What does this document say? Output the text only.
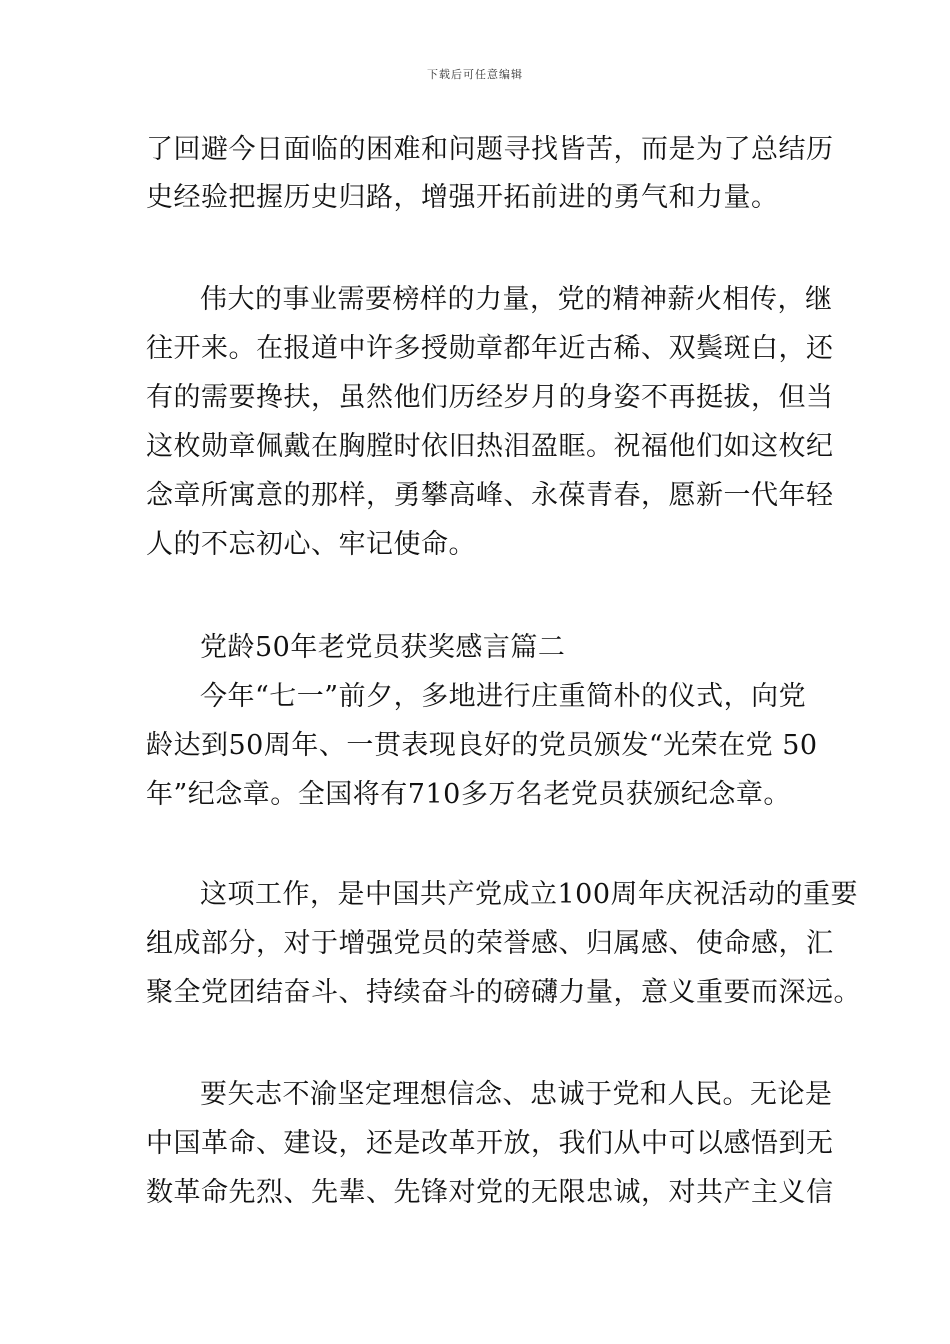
下载后可任意编辑
了回避今日面临的困难和问题寻找皆苦，而是为了总结历
史经验把握历史归路，增强开拓前进的勇气和力量。
伟大的事业需要榜样的力量，党的精神薪火相传，继
往开来。在报道中许多授勋章都年近古稀、双鬓斑白，还
有的需要搀扶，虽然他们历经岁月的身姿不再挺拔，但当
这枚勋章佩戴在胸膛时依旧热泪盈眶。祝福他们如这枚纪
念章所寓意的那样，勇攀高峰、永葆青春，愿新一代年轻
人的不忘初心、牢记使命。
党龄50年老党员获奖感言篇二
今年“七一”前夕，多地进行庄重简朴的仪式，向党
龄达到50周年、一贯表现良好的党员颁发“光荣在党 50
年”纪念章。全国将有710多万名老党员获颁纪念章。
这项工作，是中国共产党成立100周年庆祝活动的重要
组成部分，对于增强党员的荣誉感、归属感、使命感，汇
聚全党团结奋斗、持续奋斗的磅礴力量，意义重要而深远。
要矢志不渝坚定理想信念、忠诚于党和人民。无论是
中国革命、建设，还是改革开放，我们从中可以感悟到无
数革命先烈、先辈、先锋对党的无限忠诚，对共产主义信
